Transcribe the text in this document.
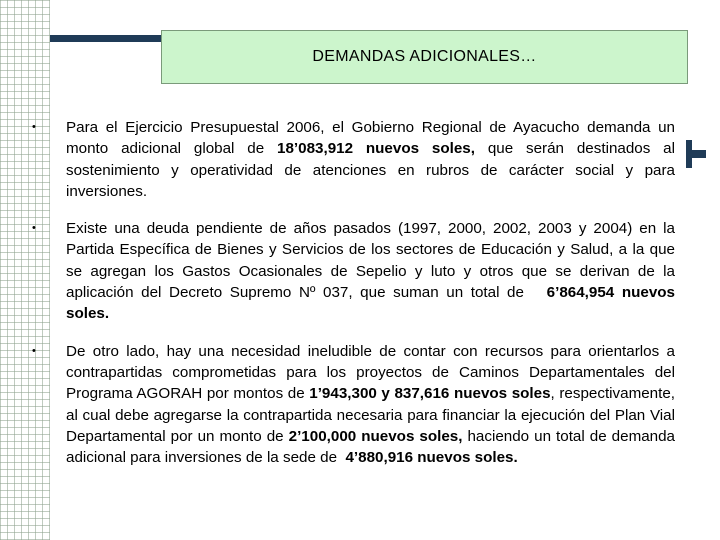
DEMANDAS ADICIONALES…
•	Para el Ejercicio Presupuestal 2006, el Gobierno Regional de Ayacucho demanda un monto adicional global de 18’083,912 nuevos soles, que serán destinados al sostenimiento y operatividad de atenciones en rubros de carácter social y para inversiones.
•	Existe una deuda pendiente de años pasados (1997, 2000, 2002, 2003 y 2004) en la Partida Específica de Bienes y Servicios de los sectores de Educación y Salud, a la que se agregan los Gastos Ocasionales de Sepelio y luto y otros que se derivan de la aplicación del Decreto Supremo Nº 037, que suman un total de   6’864,954 nuevos soles.
•	De otro lado, hay una necesidad ineludible de contar con recursos para orientarlos a contrapartidas comprometidas para los proyectos de Caminos Departamentales del Programa AGORAH por montos de 1’943,300 y 837,616 nuevos soles, respectivamente, al cual debe agregarse la contrapartida necesaria para financiar la ejecución del Plan Vial Departamental por un monto de 2’100,000 nuevos soles, haciendo un total de demanda adicional para inversiones de la sede de  4’880,916 nuevos soles.
